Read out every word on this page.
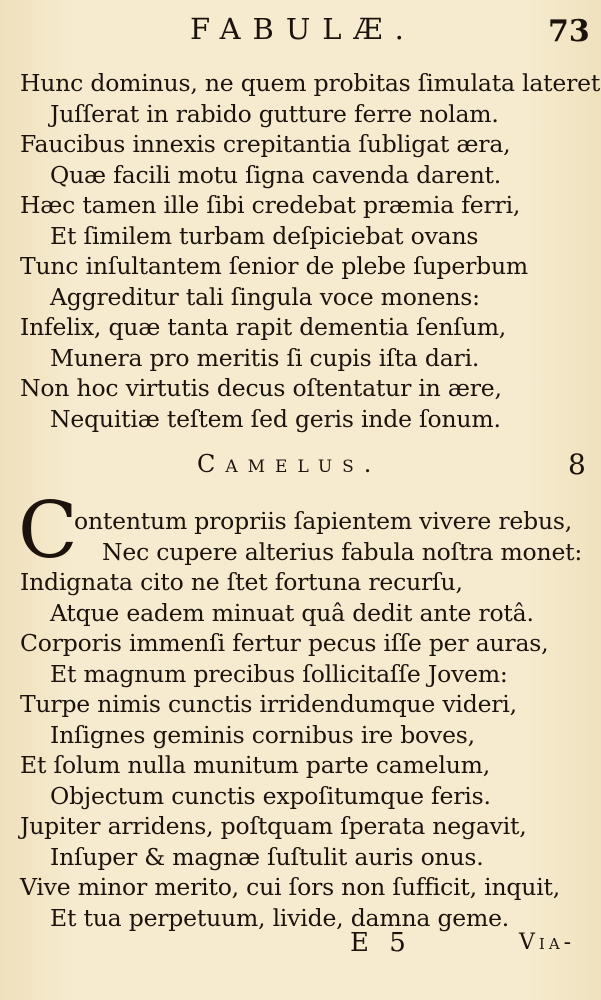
FABULÆ.	73
Hunc dominus, ne quem probitas ſimulata lateret
Juſſerat in rabido gutture ferre nolam.
Faucibus innexis crepitantia ſubligat æra,
Quæ facili motu ſigna cavenda darent.
Hæc tamen ille ſibi credebat præmia ferri,
Et ſimilem turbam deſpiciebat ovans
Tunc inſultantem ſenior de plebe ſuperbum
Aggreditur tali ſingula voce monens:
Infelix, quæ tanta rapit dementia ſenſum,
Munera pro meritis ſi cupis iſta dari.
Non hoc virtutis decus oſtentatur in ære,
Nequitiæ teſtem ſed geris inde ſonum.
Camelus.	8
C
ontentum propriis ſapientem vivere rebus,
Nec cupere alterius fabula noſtra monet:
Indignata cito ne ſtet fortuna recurſu,
Atque eadem minuat quâ dedit ante rotâ.
Corporis immenſi fertur pecus iſſe per auras,
Et magnum precibus ſollicitaſſe Jovem:
Turpe nimis cunctis irridendumque videri,
Inſignes geminis cornibus ire boves,
Et ſolum nulla munitum parte camelum,
Objectum cunctis expoſitumque feris.
Jupiter arridens, poſtquam ſperata negavit,
Inſuper & magnæ ſuſtulit auris onus.
Vive minor merito, cui ſors non ſufficit, inquit,
Et tua perpetuum, livide, damna geme.
E 5	Via-
